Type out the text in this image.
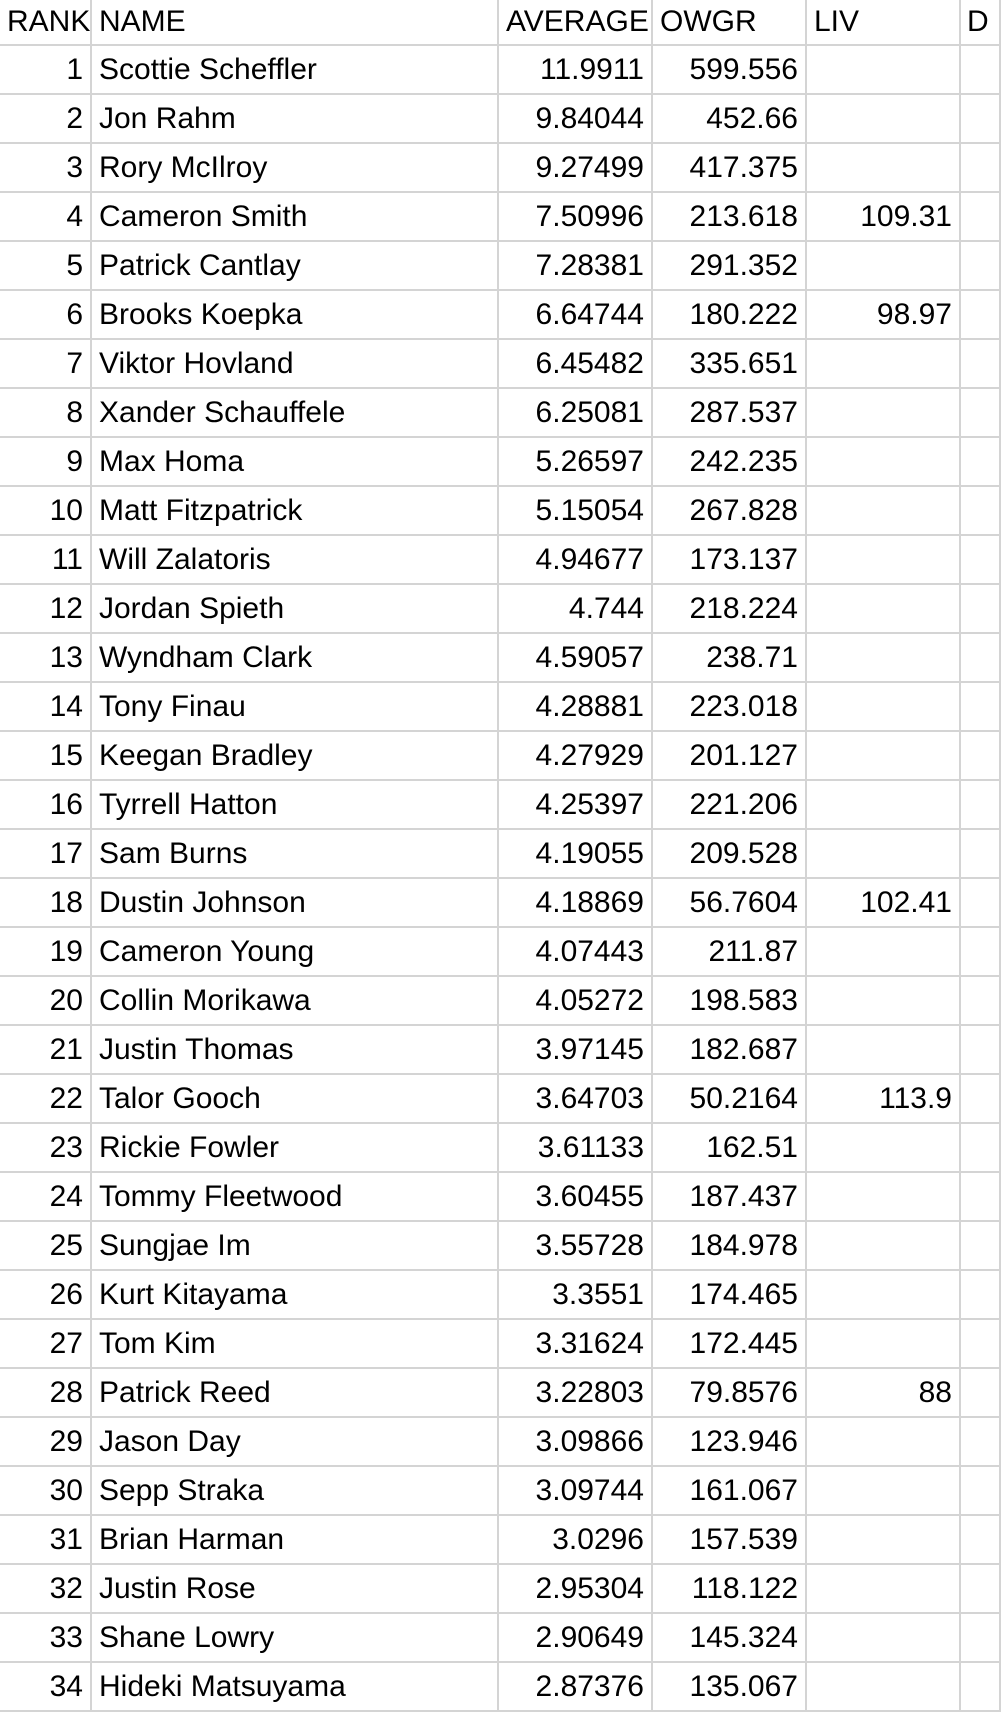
RANK	NAME	AVERAGE	OWGR	LIV	D
1	Scottie Scheffler	11.9911	599.556		
2	Jon Rahm	9.84044	452.66		
3	Rory McIlroy	9.27499	417.375		
4	Cameron Smith	7.50996	213.618	109.31	
5	Patrick Cantlay	7.28381	291.352		
6	Brooks Koepka	6.64744	180.222	98.97	
7	Viktor Hovland	6.45482	335.651		
8	Xander Schauffele	6.25081	287.537		
9	Max Homa	5.26597	242.235		
10	Matt Fitzpatrick	5.15054	267.828		
11	Will Zalatoris	4.94677	173.137		
12	Jordan Spieth	4.744	218.224		
13	Wyndham Clark	4.59057	238.71		
14	Tony Finau	4.28881	223.018		
15	Keegan Bradley	4.27929	201.127		
16	Tyrrell Hatton	4.25397	221.206		
17	Sam Burns	4.19055	209.528		
18	Dustin Johnson	4.18869	56.7604	102.41	
19	Cameron Young	4.07443	211.87		
20	Collin Morikawa	4.05272	198.583		
21	Justin Thomas	3.97145	182.687		
22	Talor Gooch	3.64703	50.2164	113.9	
23	Rickie Fowler	3.61133	162.51		
24	Tommy Fleetwood	3.60455	187.437		
25	Sungjae Im	3.55728	184.978		
26	Kurt Kitayama	3.3551	174.465		
27	Tom Kim	3.31624	172.445		
28	Patrick Reed	3.22803	79.8576	88	
29	Jason Day	3.09866	123.946		
30	Sepp Straka	3.09744	161.067		
31	Brian Harman	3.0296	157.539		
32	Justin Rose	2.95304	118.122		
33	Shane Lowry	2.90649	145.324		
34	Hideki Matsuyama	2.87376	135.067		
